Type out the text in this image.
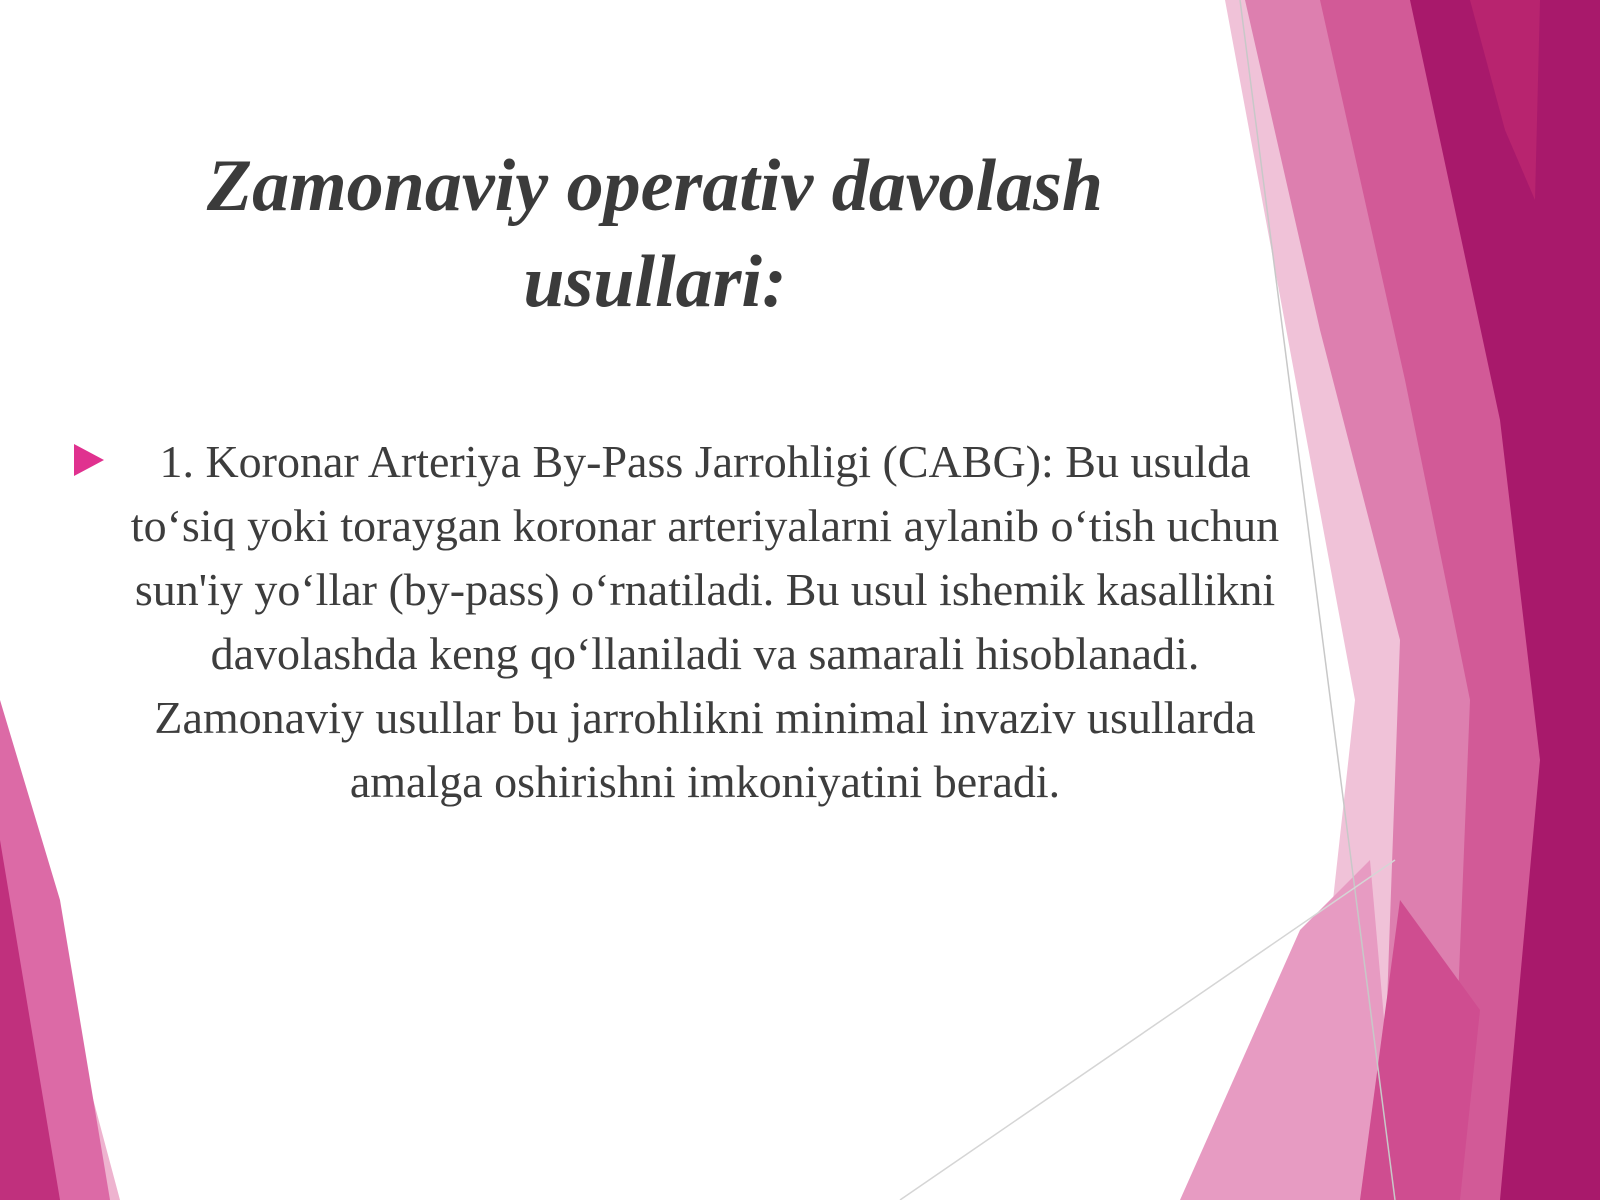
Zamonaviy operativ davolash usullari:

1. Koronar Arteriya By-Pass Jarrohligi (CABG): Bu usulda to‘siq yoki toraygan koronar arteriyalarni aylanib o‘tish uchun sun'iy yo‘llar (by-pass) o‘rnatiladi. Bu usul ishemik kasallikni davolashda keng qo‘llaniladi va samarali hisoblanadi. Zamonaviy usullar bu jarrohlikni minimal invaziv usullarda amalga oshirishni imkoniyatini beradi.
